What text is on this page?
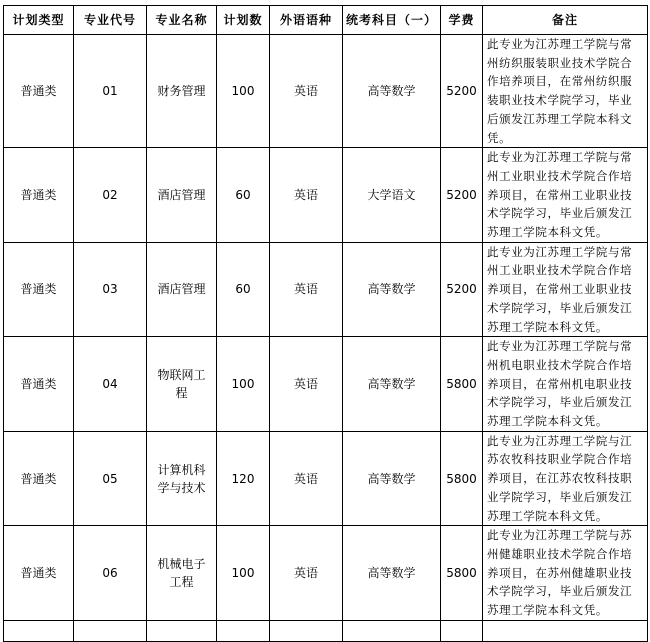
计划类型	专业代号	专业名称	计划数	外语语种	统考科目（一）	学费	备注
普通类	01	财务管理	100	英语	高等数学	5200	此专业为江苏理工学院与常州纺织服装职业技术学院合作培养项目，在常州纺织服装职业技术学院学习，毕业后颁发江苏理工学院本科文凭。
普通类	02	酒店管理	60	英语	大学语文	5200	此专业为江苏理工学院与常州工业职业技术学院合作培养项目，在常州工业职业技术学院学习，毕业后颁发江苏理工学院本科文凭。
普通类	03	酒店管理	60	英语	高等数学	5200	此专业为江苏理工学院与常州工业职业技术学院合作培养项目，在常州工业职业技术学院学习，毕业后颁发江苏理工学院本科文凭。
普通类	04	物联网工程	100	英语	高等数学	5800	此专业为江苏理工学院与常州机电职业技术学院合作培养项目，在常州机电职业技术学院学习，毕业后颁发江苏理工学院本科文凭。
普通类	05	计算机科学与技术	120	英语	高等数学	5800	此专业为江苏理工学院与江苏农牧科技职业学院合作培养项目，在江苏农牧科技职业学院学习，毕业后颁发江苏理工学院本科文凭。
普通类	06	机械电子工程	100	英语	高等数学	5800	此专业为江苏理工学院与苏州健雄职业技术学院合作培养项目，在苏州健雄职业技术学院学习，毕业后颁发江苏理工学院本科文凭。
